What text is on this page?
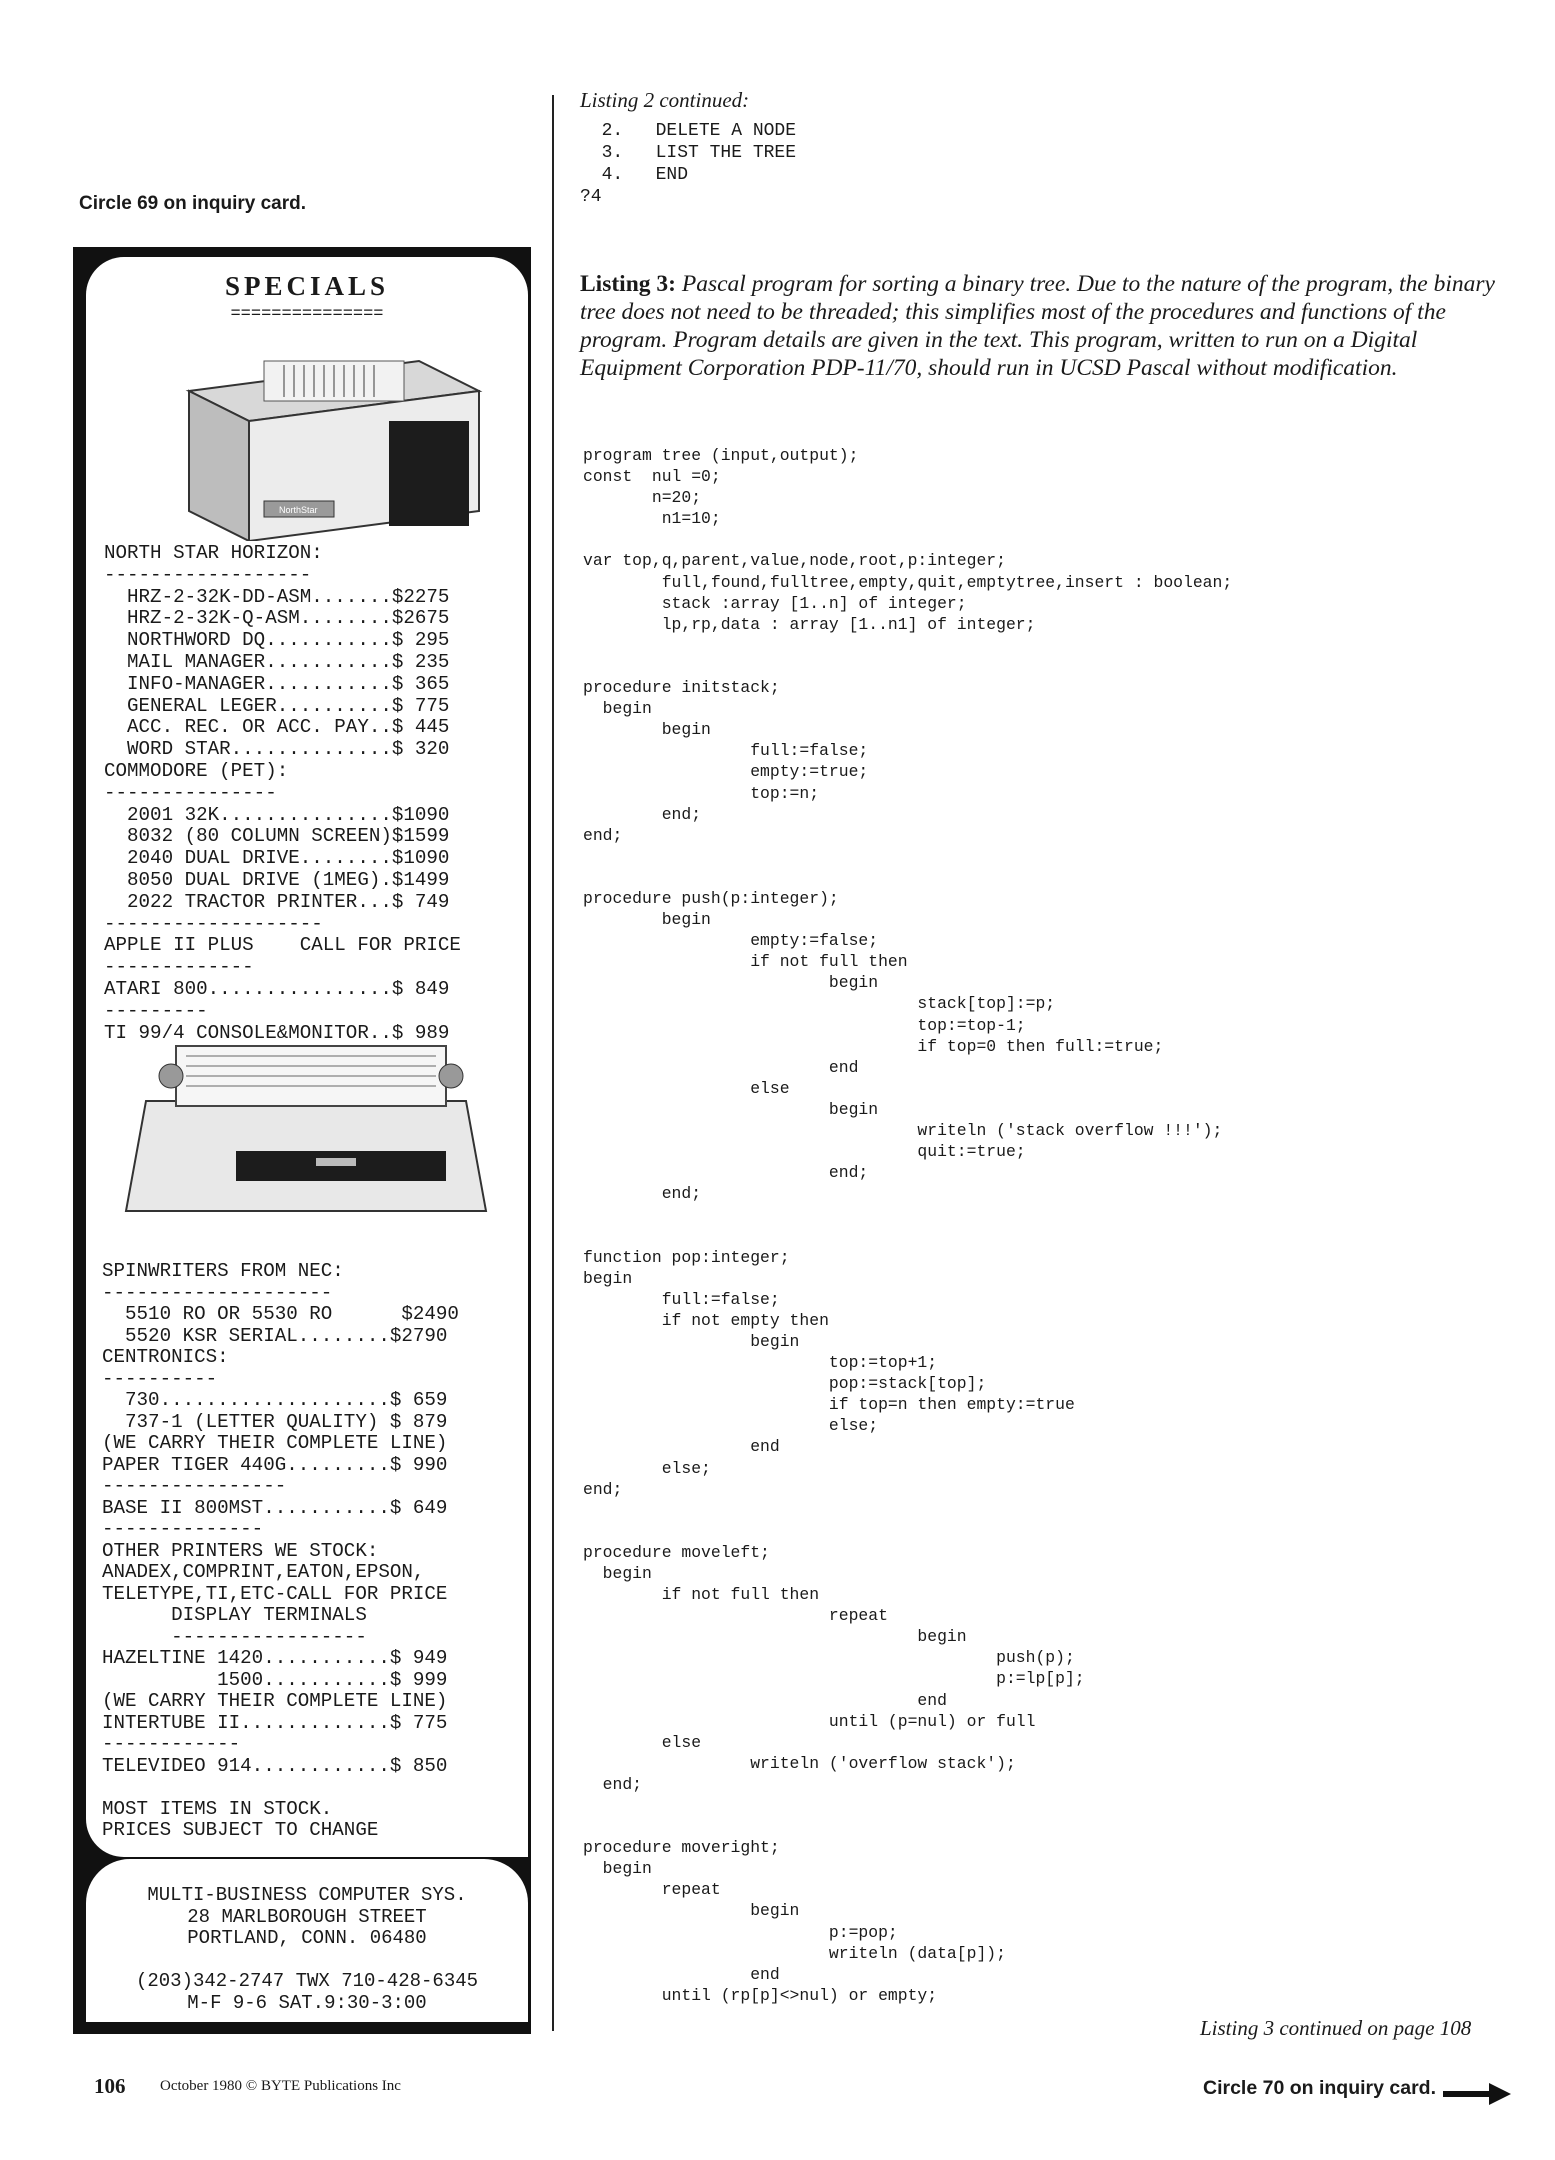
Circle 69 on inquiry card.
SPECIALS
===============
NorthStar
NORTH STAR HORIZON:
------------------
HRZ-2-32K-DD-ASM.......$2275
HRZ-2-32K-Q-ASM........$2675
NORTHWORD DQ...........$ 295
MAIL MANAGER...........$ 235
INFO-MANAGER...........$ 365
GENERAL LEGER..........$ 775
ACC. REC. OR ACC. PAY..$ 445
WORD STAR..............$ 320
COMMODORE (PET):
---------------
2001 32K...............$1090
8032 (80 COLUMN SCREEN)$1599
2040 DUAL DRIVE........$1090
8050 DUAL DRIVE (1MEG).$1499
2022 TRACTOR PRINTER...$ 749
-------------------
APPLE II PLUS    CALL FOR PRICE
-------------
ATARI 800................$ 849
---------
TI 99/4 CONSOLE&MONITOR..$ 989
SPINWRITERS FROM NEC:
--------------------
5510 RO OR 5530 RO      $2490
5520 KSR SERIAL........$2790
CENTRONICS:
----------
730....................$ 659
737-1 (LETTER QUALITY) $ 879
(WE CARRY THEIR COMPLETE LINE)
PAPER TIGER 440G.........$ 990
----------------
BASE II 800MST...........$ 649
--------------
OTHER PRINTERS WE STOCK:
ANADEX,COMPRINT,EATON,EPSON,
TELETYPE,TI,ETC-CALL FOR PRICE
DISPLAY TERMINALS
-----------------
HAZELTINE 1420...........$ 949
1500...........$ 999
(WE CARRY THEIR COMPLETE LINE)
INTERTUBE II.............$ 775
------------
TELEVIDEO 914............$ 850

MOST ITEMS IN STOCK.
PRICES SUBJECT TO CHANGE
MULTI-BUSINESS COMPUTER SYS.
28 MARLBOROUGH STREET
PORTLAND, CONN. 06480

(203)342-2747 TWX 710-428-6345
M-F 9-6 SAT.9:30-3:00
Listing 2 continued:
2.   DELETE A NODE
3.   LIST THE TREE
4.   END
?4
Listing 3: Pascal program for sorting a binary tree. Due to the nature of the program, the binary tree does not need to be threaded; this simplifies most of the procedures and functions of the program. Program details are given in the text. This program, written to run on a Digital Equipment Corporation PDP-11/70, should run in UCSD Pascal without modification.
program tree (input,output);
const  nul =0;
n=20;
n1=10;

var top,q,parent,value,node,root,p:integer;
full,found,fulltree,empty,quit,emptytree,insert : boolean;
stack :array [1..n] of integer;
lp,rp,data : array [1..n1] of integer;

procedure initstack;
begin
begin
full:=false;
empty:=true;
top:=n;
end;
end;

procedure push(p:integer);
begin
empty:=false;
if not full then
begin
stack[top]:=p;
top:=top-1;
if top=0 then full:=true;
end
else
begin
writeln ('stack overflow !!!');
quit:=true;
end;
end;

function pop:integer;
begin
full:=false;
if not empty then
begin
top:=top+1;
pop:=stack[top];
if top=n then empty:=true
else;
end
else;
end;

procedure moveleft;
begin
if not full then
repeat
begin
push(p);
p:=lp[p];
end
until (p=nul) or full
else
writeln ('overflow stack');
end;

procedure moveright;
begin
repeat
begin
p:=pop;
writeln (data[p]);
end
until (rp[p]<>nul) or empty;
Listing 3 continued on page 108
Circle 70 on inquiry card.
106 October 1980 © BYTE Publications Inc
